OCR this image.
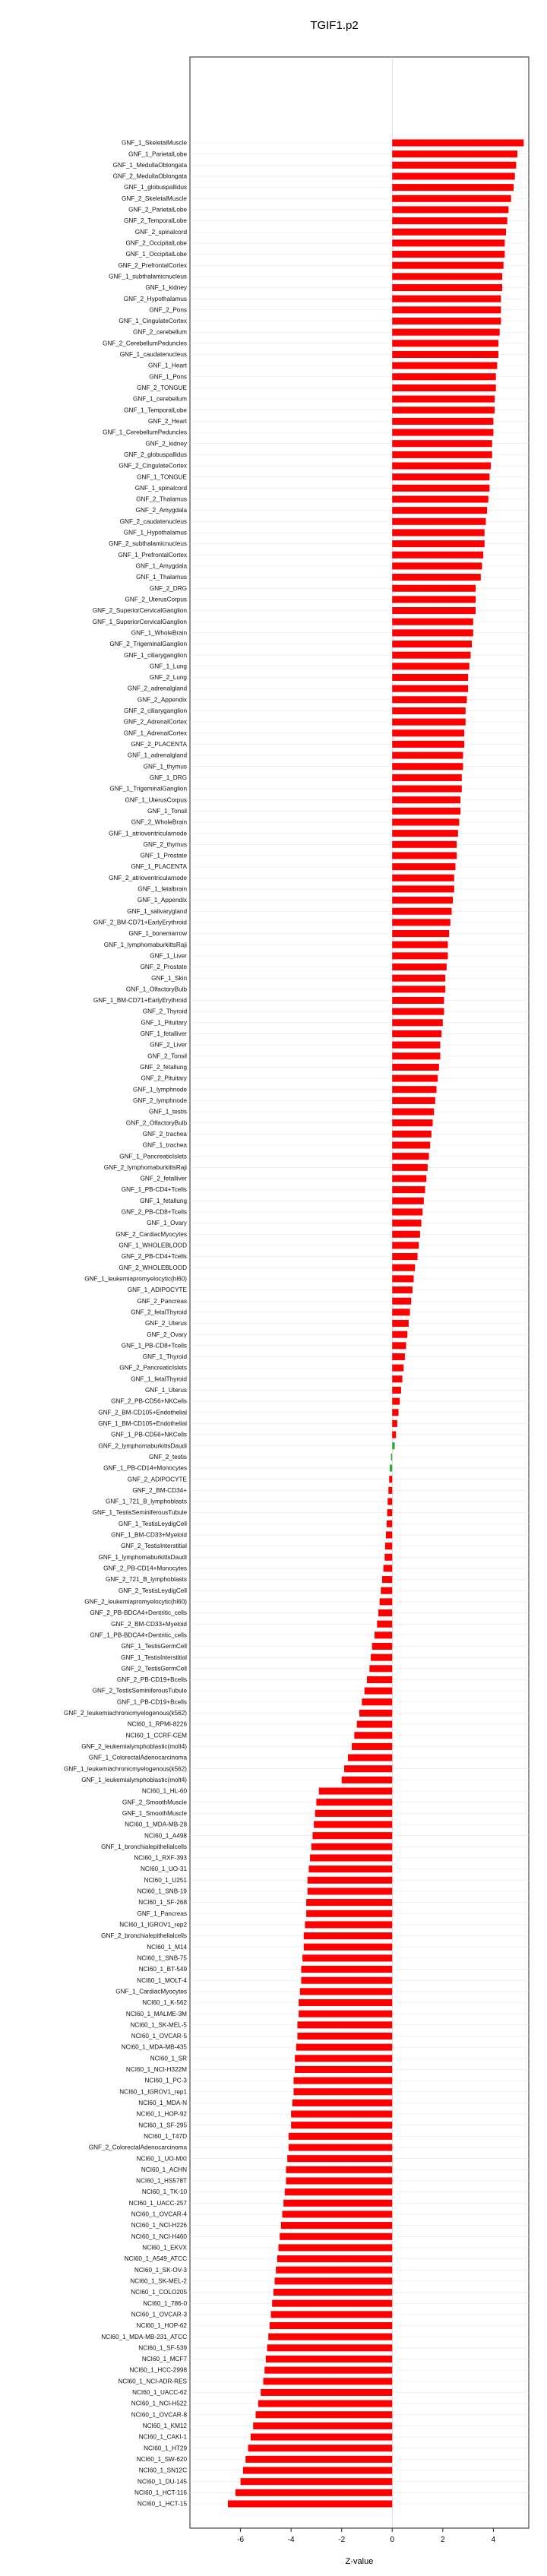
TGIF1.p2
GNF_1_SkeletalMuscle
GNF_1_ParietalLobe
GNF_1_MedullaOblongata
GNF_2_MedullaOblongata
GNF_1_globuspallidus
GNF_2_SkeletalMuscle
GNF_2_ParietalLobe
GNF_2_TemporalLobe
GNF_2_spinalcord
GNF_2_OccipitalLobe
GNF_1_OccipitalLobe
GNF_2_PrefrontalCortex
GNF_1_subthalamicnucleus
GNF_1_kidney
GNF_2_Hypothalamus
GNF_2_Pons
GNF_1_CingulateCortex
GNF_2_cerebellum
GNF_2_CerebellumPeduncles
GNF_1_caudatenucleus
GNF_1_Heart
GNF_1_Pons
GNF_2_TONGUE
GNF_1_cerebellum
GNF_1_TemporalLobe
GNF_2_Heart
GNF_1_CerebellumPeduncles
GNF_2_kidney
GNF_2_globuspallidus
GNF_2_CingulateCortex
GNF_1_TONGUE
GNF_1_spinalcord
GNF_2_Thalamus
GNF_2_Amygdala
GNF_2_caudatenucleus
GNF_1_Hypothalamus
GNF_2_subthalamicnucleus
GNF_1_PrefrontalCortex
GNF_1_Amygdala
GNF_1_Thalamus
GNF_2_DRG
GNF_2_UterusCorpus
GNF_2_SuperiorCervicalGanglion
GNF_1_SuperiorCervicalGanglion
GNF_1_WholeBrain
GNF_2_TrigeminalGanglion
GNF_1_ciliaryganglion
GNF_1_Lung
GNF_2_Lung
GNF_2_adrenalgland
GNF_2_Appendix
GNF_2_ciliaryganglion
GNF_2_AdrenalCortex
GNF_1_AdrenalCortex
GNF_2_PLACENTA
GNF_1_adrenalgland
GNF_1_thymus
GNF_1_DRG
GNF_1_TrigeminalGanglion
GNF_1_UterusCorpus
GNF_1_Tonsil
GNF_2_WholeBrain
GNF_1_atrioventricularnode
GNF_2_thymus
GNF_1_Prostate
GNF_1_PLACENTA
GNF_2_atrioventricularnode
GNF_1_fetalbrain
GNF_1_Appendix
GNF_1_salivarygland
GNF_2_BM-CD71+EarlyErythroid
GNF_1_bonemarrow
GNF_1_lymphomaburkittsRaji
GNF_1_Liver
GNF_2_Prostate
GNF_1_Skin
GNF_1_OlfactoryBulb
GNF_1_BM-CD71+EarlyErythroid
GNF_2_Thyroid
GNF_1_Pituitary
GNF_1_fetalliver
GNF_2_Liver
GNF_2_Tonsil
GNF_2_fetallung
GNF_2_Pituitary
GNF_1_lymphnode
GNF_2_lymphnode
GNF_1_testis
GNF_2_OlfactoryBulb
GNF_2_trachea
GNF_1_trachea
GNF_1_PancreaticIslets
GNF_2_lymphomaburkittsRaji
GNF_2_fetalliver
GNF_1_PB-CD4+Tcells
GNF_1_fetallung
GNF_2_PB-CD8+Tcells
GNF_1_Ovary
GNF_2_CardiacMyocytes
GNF_1_WHOLEBLOOD
GNF_2_PB-CD4+Tcells
GNF_2_WHOLEBLOOD
GNF_1_leukemiapromyelocytic(hl60)
GNF_1_ADIPOCYTE
GNF_2_Pancreas
GNF_2_fetalThyroid
GNF_2_Uterus
GNF_2_Ovary
GNF_1_PB-CD8+Tcells
GNF_1_Thyroid
GNF_2_PancreaticIslets
GNF_1_fetalThyroid
GNF_1_Uterus
GNF_2_PB-CD56+NKCells
GNF_2_BM-CD105+Endothelial
GNF_1_BM-CD105+Endothelial
GNF_1_PB-CD56+NKCells
GNF_2_lymphomaburkittsDaudi
GNF_2_testis
GNF_1_PB-CD14+Monocytes
GNF_2_ADIPOCYTE
GNF_2_BM-CD34+
GNF_1_721_B_lymphoblasts
GNF_1_TestisSeminiferousTubule
GNF_1_TestisLeydigCell
GNF_1_BM-CD33+Myeloid
GNF_2_TestisInterstitial
GNF_1_lymphomaburkittsDaudi
GNF_2_PB-CD14+Monocytes
GNF_2_721_B_lymphoblasts
GNF_2_TestisLeydigCell
GNF_2_leukemiapromyelocytic(hl60)
GNF_2_PB-BDCA4+Dentritic_cells
GNF_2_BM-CD33+Myeloid
GNF_1_PB-BDCA4+Dentritic_cells
GNF_1_TestisGermCell
GNF_1_TestisInterstitial
GNF_2_TestisGermCell
GNF_2_PB-CD19+Bcells
GNF_2_TestisSeminiferousTubule
GNF_1_PB-CD19+Bcells
GNF_2_leukemiachronicmyelogenous(k562)
NCI60_1_RPMI-8226
NCI60_1_CCRF-CEM
GNF_2_leukemialymphoblastic(molt4)
GNF_1_ColorectalAdenocarcinoma
GNF_1_leukemiachronicmyelogenous(k562)
GNF_1_leukemialymphoblastic(molt4)
NCI60_1_HL-60
GNF_2_SmoothMuscle
GNF_1_SmoothMuscle
NCI60_1_MDA-MB-28
NCI60_1_A498
GNF_1_bronchialepithelialcells
NCI60_1_RXF-393
NCI60_1_UO-31
NCI60_1_U251
NCI60_1_SNB-19
NCI60_1_SF-268
GNF_1_Pancreas
NCI60_1_IGROV1_rep2
GNF_2_bronchialepithelialcells
NCI60_1_M14
NCI60_1_SNB-75
NCI60_1_BT-549
NCI60_1_MOLT-4
GNF_1_CardiacMyocytes
NCI60_1_K-562
NCI60_1_MALME-3M
NCI60_1_SK-MEL-5
NCI60_1_OVCAR-5
NCI60_1_MDA-MB-435
NCI60_1_SR
NCI60_1_NCI-H322M
NCI60_1_PC-3
NCI60_1_IGROV1_rep1
NCI60_1_MDA-N
NCI60_1_HOP-92
NCI60_1_SF-295
NCI60_1_T47D
GNF_2_ColorectalAdenocarcinoma
NCI60_1_UO-MXI
NCI60_1_ACHN
NCI60_1_HS578T
NCI60_1_TK-10
NCI60_1_UACC-257
NCI60_1_OVCAR-4
NCI60_1_NCI-H226
NCI60_1_NCI-H460
NCI60_1_EKVX
NCI60_1_A549_ATCC
NCI60_1_SK-OV-3
NCI60_1_SK-MEL-2
NCI60_1_COLO205
NCI60_1_786-0
NCI60_1_OVCAR-3
NCI60_1_HOP-62
NCI60_1_MDA-MB-231_ATCC
NCI60_1_SF-539
NCI60_1_MCF7
NCI60_1_HCC-2998
NCI60_1_NCI-ADR-RES
NCI60_1_UACC-62
NCI60_1_NCI-H522
NCI60_1_OVCAR-8
NCI60_1_KM12
NCI60_1_CAKI-1
NCI60_1_HT29
NCI60_1_SW-620
NCI60_1_SN12C
NCI60_1_DU-145
NCI60_1_HCT-116
NCI60_1_HCT-15
-6	-4	-2	0	2	4
Z-value
